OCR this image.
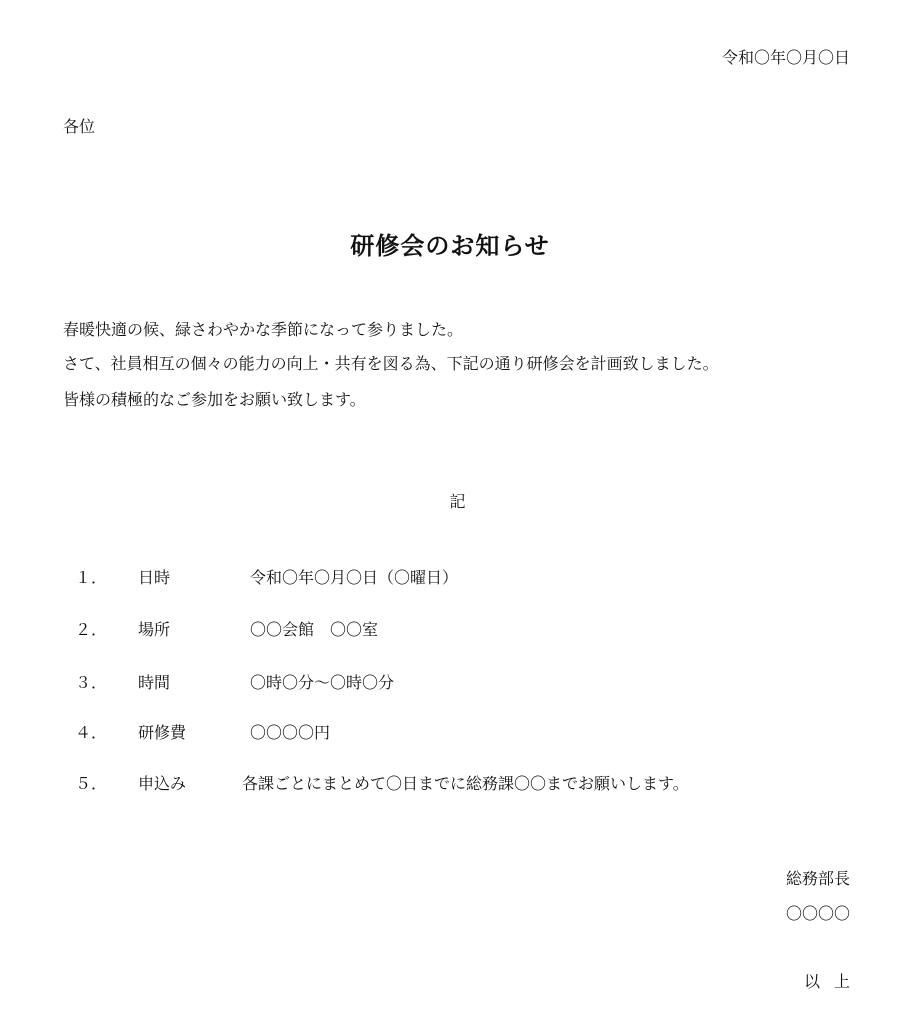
令和〇年〇月〇日
各位
研修会のお知らせ
春暖快適の候、緑さわやかな季節になって参りました。
さて、社員相互の個々の能力の向上・共有を図る為、下記の通り研修会を計画致しました。
皆様の積極的なご参加をお願い致します。
記
１． 日時	令和〇年〇月〇日（〇曜日）
２． 場所	〇〇会館　〇〇室
３． 時間	〇時〇分～〇時〇分
４． 研修費	〇〇〇〇円
５． 申込み	各課ごとにまとめて〇日までに総務課〇〇までお願いします。
総務部長
〇〇〇〇
以上
